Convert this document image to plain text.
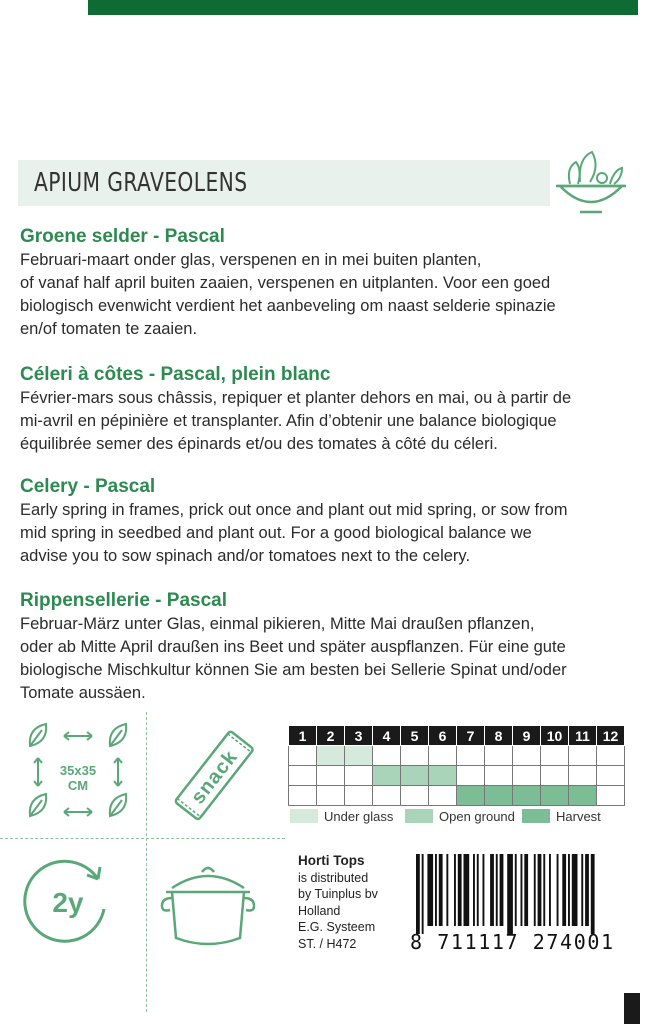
APIUM GRAVEOLENS
Groene selder - Pascal

Februari-maart onder glas, verspenen en in mei buiten planten,

of vanaf half april buiten zaaien, verspenen en uitplanten. Voor een goed

biologisch evenwicht verdient het aanbeveling om naast selderie spinazie

en/of tomaten te zaaien.

Céleri à côtes - Pascal, plein blanc

Février-mars sous châssis, repiquer et planter dehors en mai, ou à partir de

mi-avril en pépinière et transplanter. Afin d’obtenir une balance biologique

équilibrée semer des épinards et/ou des tomates à côté du céleri.

Celery - Pascal

Early spring in frames, prick out once and plant out mid spring, or sow from

mid spring in seedbed and plant out. For a good biological balance we

advise you to sow spinach and/or tomatoes next to the celery.

Rippensellerie - Pascal

Februar-März unter Glas, einmal pikieren, Mitte Mai draußen pflanzen,

oder ab Mitte April draußen ins Beet und später auspflanzen. Für eine gute

biologische Mischkultur können Sie am besten bei Sellerie Spinat und/oder

Tomate aussäen.

35x35
CM	snack
2y
1	2	3	4	5	6	7	8	9	10	11	12

Under glass	Open ground	Harvest
Horti Tops
is distributed
by Tuinplus bv
Holland
E.G. Systeem
ST. / H472	8 711117 274001
